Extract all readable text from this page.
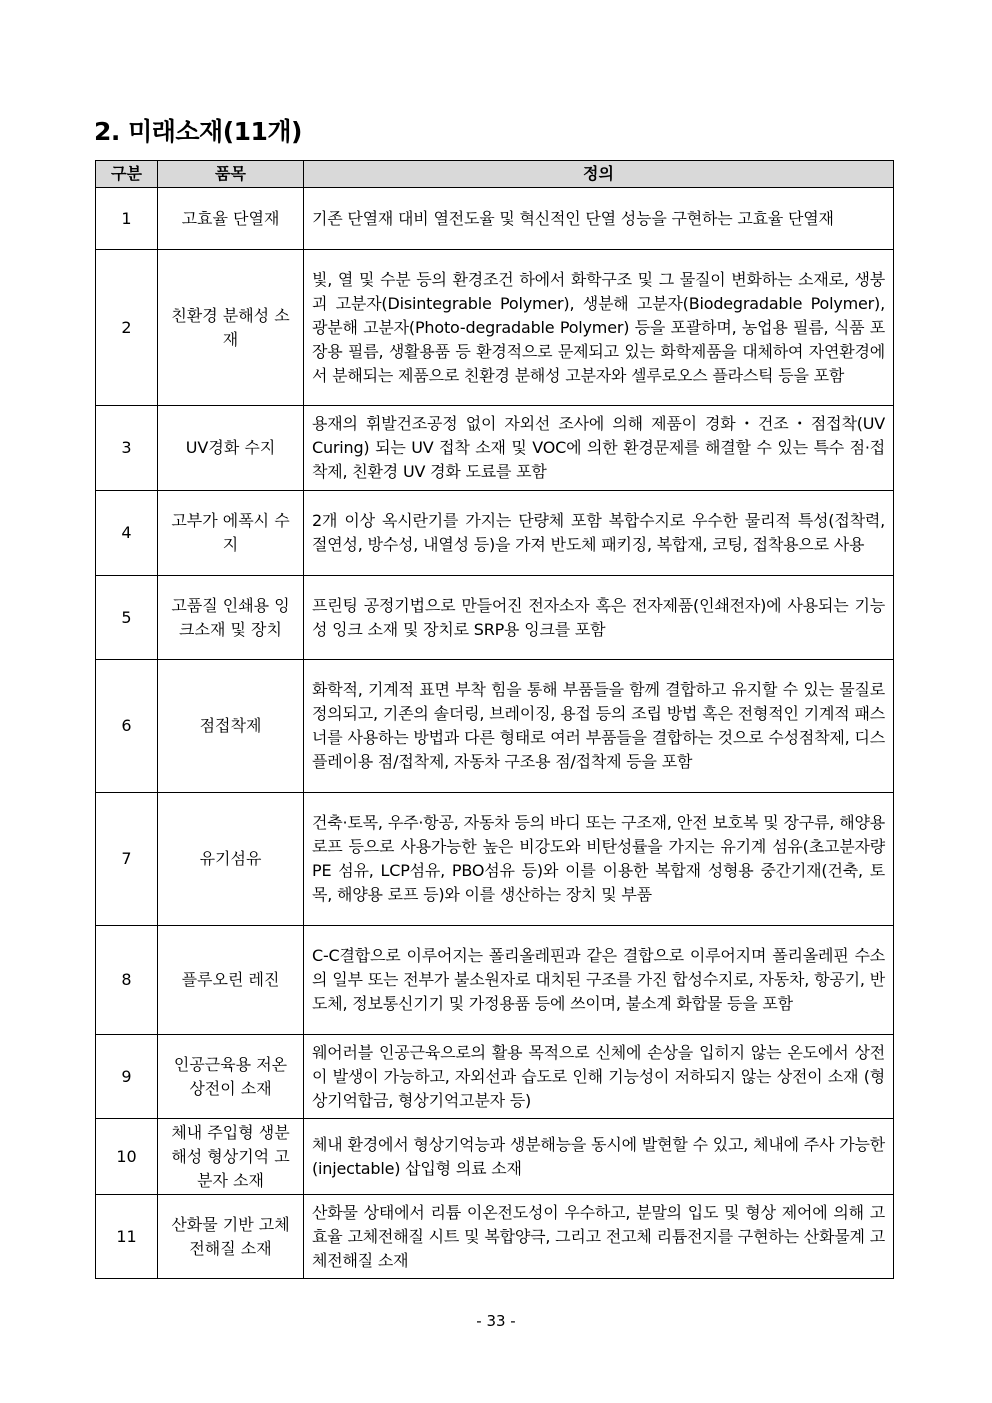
2. 미래소재(11개)
구분	품목	정의
1	고효율 단열재	기존 단열재 대비 열전도율 및 혁신적인 단열 성능을 구현하는 고효율 단열재
2	친환경 분해성 소재	빛, 열 및 수분 등의 환경조건 하에서 화학구조 및 그 물질이 변화하는 소재로, 생붕괴 고분자(Disintegrable Polymer), 생분해 고분자(Biodegradable Polymer), 광분해 고분자(Photo-degradable Polymer) 등을 포괄하며, 농업용 필름, 식품 포장용 필름, 생활용품 등 환경적으로 문제되고 있는 화학제품을 대체하여 자연환경에서 분해되는 제품으로 친환경 분해성 고분자와 셀루로오스 플라스틱 등을 포함
3	UV경화 수지	용재의 휘발건조공정 없이 자외선 조사에 의해 제품이 경화・건조・점접착(UV Curing) 되는 UV 접착 소재 및 VOC에 의한 환경문제를 해결할 수 있는 특수 점·접착제, 친환경 UV 경화 도료를 포함
4	고부가 에폭시 수지	2개 이상 옥시란기를 가지는 단량체 포함 복합수지로 우수한 물리적 특성(접착력, 절연성, 방수성, 내열성 등)을 가져 반도체 패키징, 복합재, 코팅, 접착용으로 사용
5	고품질 인쇄용 잉크소재 및 장치	프린팅 공정기법으로 만들어진 전자소자 혹은 전자제품(인쇄전자)에 사용되는 기능성 잉크 소재 및 장치로 SRP용 잉크를 포함
6	점접착제	화학적, 기계적 표면 부착 힘을 통해 부품들을 함께 결합하고 유지할 수 있는 물질로 정의되고, 기존의 솔더링, 브레이징, 용접 등의 조립 방법 혹은 전형적인 기계적 패스너를 사용하는 방법과 다른 형태로 여러 부품들을 결합하는 것으로 수성점착제, 디스플레이용 점/접착제, 자동차 구조용 점/접착제 등을 포함
7	유기섬유	건축·토목, 우주·항공, 자동차 등의 바디 또는 구조재, 안전 보호복 및 장구류, 해양용 로프 등으로 사용가능한 높은 비강도와 비탄성률을 가지는 유기계 섬유(초고분자량PE 섬유, LCP섬유, PBO섬유 등)와 이를 이용한 복합재 성형용 중간기재(건축, 토목, 해양용 로프 등)와 이를 생산하는 장치 및 부품
8	플루오린 레진	C-C결합으로 이루어지는 폴리올레핀과 같은 결합으로 이루어지며 폴리올레핀 수소의 일부 또는 전부가 불소원자로 대치된 구조를 가진 합성수지로, 자동차, 항공기, 반도체, 정보통신기기 및 가정용품 등에 쓰이며, 불소계 화합물 등을 포함
9	인공근육용 저온 상전이 소재	웨어러블 인공근육으로의 활용 목적으로 신체에 손상을 입히지 않는 온도에서 상전이 발생이 가능하고, 자외선과 습도로 인해 기능성이 저하되지 않는 상전이 소재 (형상기억합금, 형상기억고분자 등)
10	체내 주입형 생분해성 형상기억 고분자 소재	체내 환경에서 형상기억능과 생분해능을 동시에 발현할 수 있고, 체내에 주사 가능한(injectable) 삽입형 의료 소재
11	산화물 기반 고체전해질 소재	산화물 상태에서 리튬 이온전도성이 우수하고, 분말의 입도 및 형상 제어에 의해 고효율 고체전해질 시트 및 복합양극, 그리고 전고체 리튬전지를 구현하는 산화물계 고체전해질 소재
- 33 -
